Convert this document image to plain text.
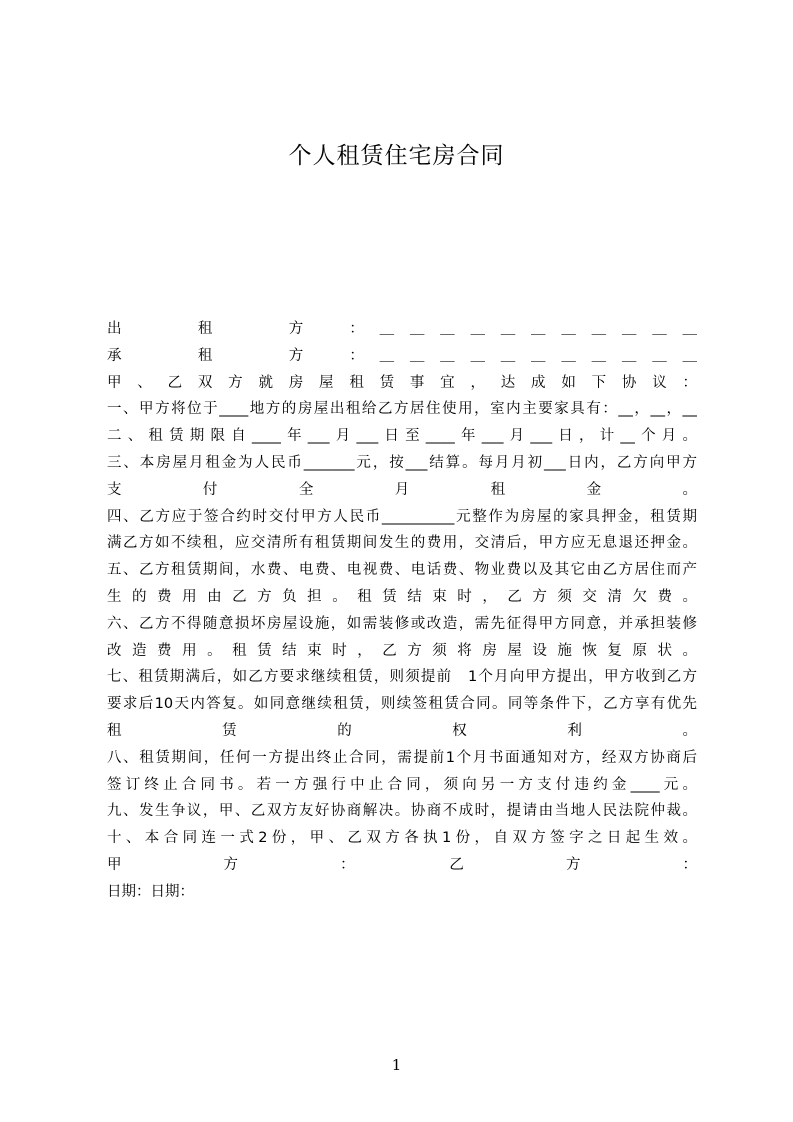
个人租赁住宅房合同
出　　租　　方　：＿＿＿＿＿＿＿＿＿＿＿
承　　租　　方　：＿＿＿＿＿＿＿＿＿＿＿
甲、乙双方就房屋租赁事宜，达成如下协议：
一、甲方将位于____地方的房屋出租给乙方居住使用，室内主要家具有：__，__，__
二、租赁期限自____年___月___日至____年___月___日，计__个月。
三、本房屋月租金为人民币_______元，按___结算。每月月初___日内，乙方向甲方
支　　付　　全　　月　　租　　金　　。
四、乙方应于签合约时交付甲方人民币__________元整作为房屋的家具押金，租赁期
满乙方如不续租，应交清所有租赁期间发生的费用，交清后，甲方应无息退还押金。
五、乙方租赁期间，水费、电费、电视费、电话费、物业费以及其它由乙方居住而产
生的费用由乙方负担。租赁结束时，乙方须交清欠费。
六、乙方不得随意损坏房屋设施，如需装修或改造，需先征得甲方同意，并承担装修
改造费用。租赁结束时，乙方须将房屋设施恢复原状。
七、租赁期满后，如乙方要求继续租赁，则须提前　1个月向甲方提出，甲方收到乙方
要求后10天内答复。如同意继续租赁，则续签租赁合同。同等条件下，乙方享有优先
租　　赁　　的　　权　　利　　。
八、租赁期间，任何一方提出终止合同，需提前1个月书面通知对方，经双方协商后
签订终止合同书。若一方强行中止合同，须向另一方支付违约金____元。
九、发生争议，甲、乙双方友好协商解决。协商不成时，提请由当地人民法院仲裁。
十、本合同连一式2份，甲、乙双方各执1份，自双方签字之日起生效。
甲　　方　　：　　乙　　方　　：
日期：日期：
1
